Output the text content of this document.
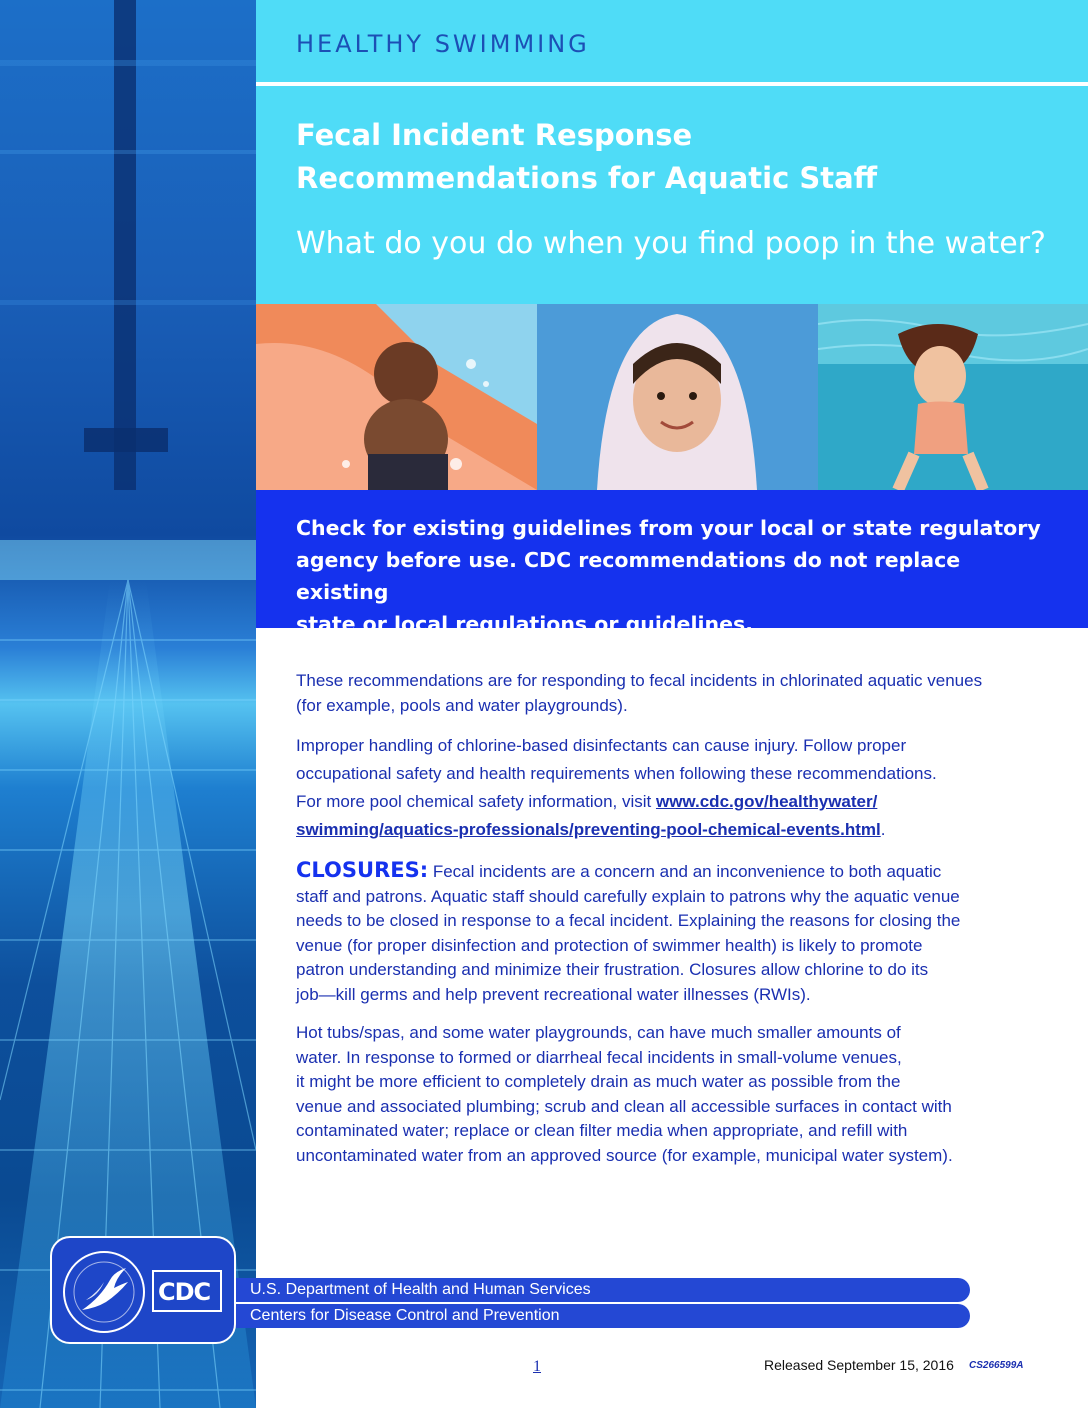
HEALTHY SWIMMING
Fecal Incident Response
Recommendations for Aquatic Staff
What do you do when you find poop in the water?
Check for existing guidelines from your local or state regulatory
agency before use. CDC recommendations do not replace existing
state or local regulations or guidelines.

These recommendations are for responding to fecal incidents in chlorinated aquatic venues
(for example, pools and water playgrounds).

Improper handling of chlorine-based disinfectants can cause injury. Follow proper
occupational safety and health requirements when following these recommendations.
For more pool chemical safety information, visit www.cdc.gov/healthywater/
swimming/aquatics-professionals/preventing-pool-chemical-events.html.

CLOSURES: Fecal incidents are a concern and an inconvenience to both aquatic
staff and patrons. Aquatic staff should carefully explain to patrons why the aquatic venue
needs to be closed in response to a fecal incident. Explaining the reasons for closing the
venue (for proper disinfection and protection of swimmer health) is likely to promote
patron understanding and minimize their frustration. Closures allow chlorine to do its
job—kill germs and help prevent recreational water illnesses (RWIs).

Hot tubs/spas, and some water playgrounds, can have much smaller amounts of
water. In response to formed or diarrheal fecal incidents in small-volume venues,
it might be more efficient to completely drain as much water as possible from the
venue and associated plumbing; scrub and clean all accessible surfaces in contact with
contaminated water; replace or clean filter media when appropriate, and refill with
uncontaminated water from an approved source (for example, municipal water system).

CDC U.S. Department of Health and Human Services
Centers for Disease Control and Prevention
1	Released September 15, 2016 CS266599A
